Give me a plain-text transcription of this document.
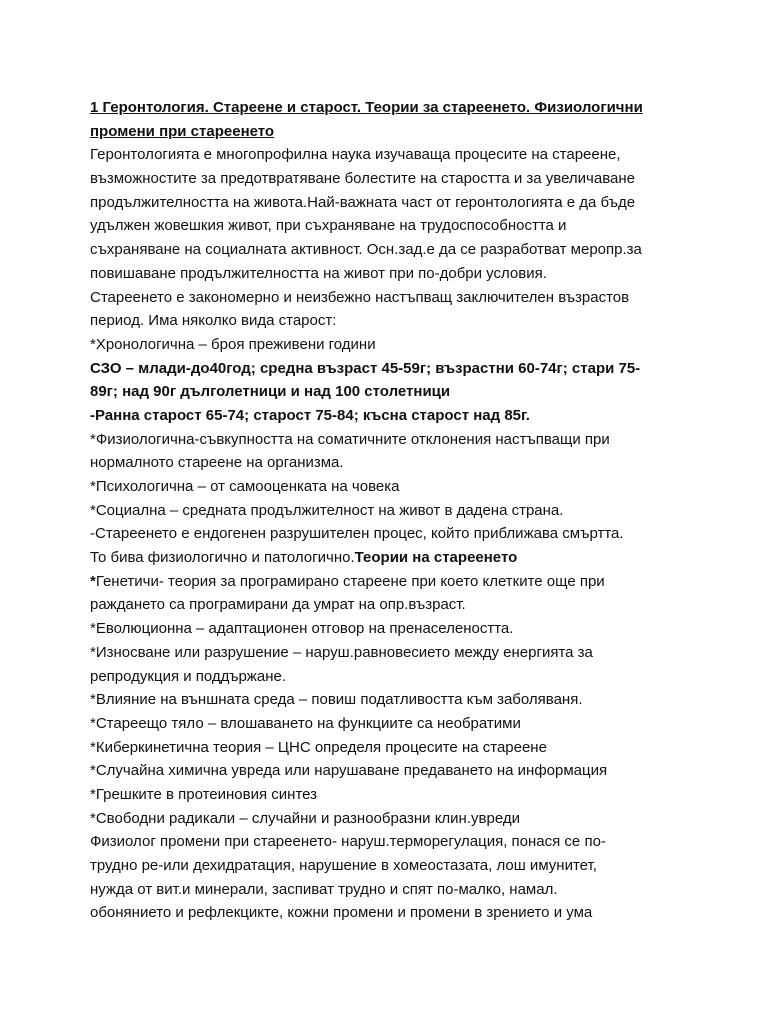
1 Геронтология. Стареене и старост. Теории за стареенето. Физиологични
промени при стареенето
Геронтологията е многопрофилна наука изучаваща процесите на стареене,
възможностите за предотвратяване болестите на старостта и за увеличаване
продължителността на живота.Най-важната част от геронтологията е да бъде
удължен жовешкия живот, при съхраняване на трудоспособността и
съхраняване на социалната активност. Осн.зад.е да се разработват меропр.за
повишаване продължителността на живот при по-добри условия.
Стареенето е закономерно и неизбежно настъпващ заключителен възрастов
период. Има няколко вида старост:
*Хронологична – броя преживени години
СЗО – млади-до40год; средна възраст 45-59г; възрастни 60-74г; стари 75-
89г; над 90г дълголетници и над 100 столетници
-Ранна старост 65-74; старост 75-84; късна старост над 85г.
*Физиологична-съвкупността на соматичните отклонения настъпващи при
нормалното стареене на организма.
*Психологична – от самооценката на човека
*Социална – средната продължителност на живот в дадена страна.
-Стареенето е ендогенен разрушителен процес, който приближава смъртта.
То бива физиологично и патологично.Теории на стареенето
*Генетичи- теория за програмирано стареене при което клетките още при
раждането са програмирани да умрат на опр.възраст.
*Еволюционна – адаптационен отговор на пренаселеността.
*Износване или разрушение – наруш.равновесието между енергията за
репродукция и поддържане.
*Влияние на външната среда – повиш податливостта към заболяваня.
*Стареещо тяло – влошаването на функциите са необратими
*Киберкинетична теория – ЦНС определя процесите на стареене
*Случайна химична увреда или нарушаване предаването на информация
*Грешките в протеиновия синтез
*Свободни радикали – случайни и разнообразни клин.увреди
Физиолог промени при стареенето- наруш.терморегулация, понася се по-
трудно ре-или дехидратация, нарушение в хомеостазата, лош имунитет,
нужда от вит.и минерали, заспиват трудно и спят по-малко, намал.
обонянието и рефлекцикте, кожни промени и промени в зрението и ума
